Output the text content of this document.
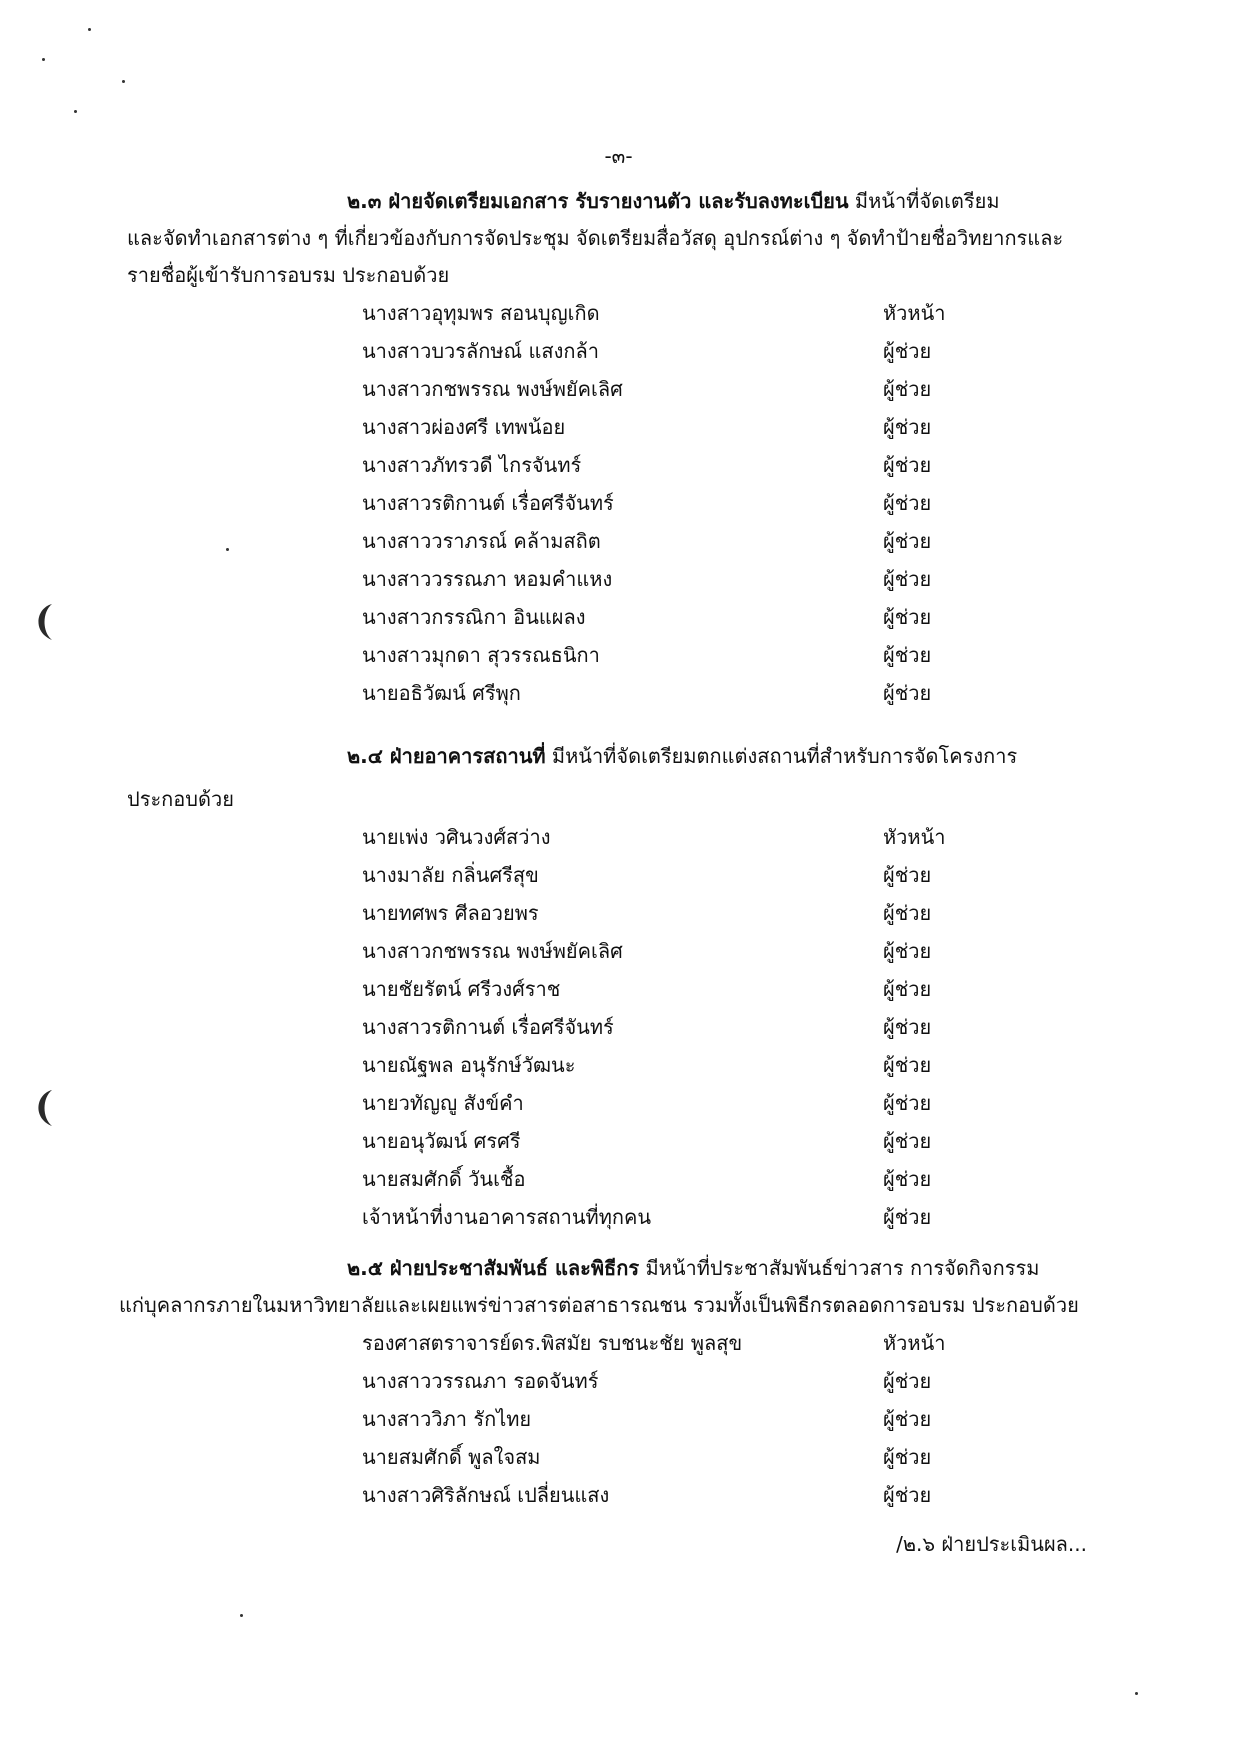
-๓-
๒.๓ ฝ่ายจัดเตรียมเอกสาร รับรายงานตัว และรับลงทะเบียน มีหน้าที่จัดเตรียม
และจัดทำเอกสารต่าง ๆ ที่เกี่ยวข้องกับการจัดประชุม จัดเตรียมสื่อวัสดุ อุปกรณ์ต่าง ๆ จัดทำป้ายชื่อวิทยากรและ
รายชื่อผู้เข้ารับการอบรม ประกอบด้วย
นางสาวอุทุมพร สอนบุญเกิด	หัวหน้า
นางสาวบวรลักษณ์ แสงกล้า	ผู้ช่วย
นางสาวกชพรรณ พงษ์พยัคเลิศ	ผู้ช่วย
นางสาวผ่องศรี เทพน้อย	ผู้ช่วย
นางสาวภัทรวดี ไกรจันทร์	ผู้ช่วย
นางสาวรติกานต์ เรื่อศรีจันทร์	ผู้ช่วย
นางสาววราภรณ์ คล้ามสถิต	ผู้ช่วย
นางสาววรรณภา หอมคำแหง	ผู้ช่วย
นางสาวกรรณิกา อินแผลง	ผู้ช่วย
นางสาวมุกดา สุวรรณธนิกา	ผู้ช่วย
นายอธิวัฒน์ ศรีพุก	ผู้ช่วย
๒.๔ ฝ่ายอาคารสถานที่ มีหน้าที่จัดเตรียมตกแต่งสถานที่สำหรับการจัดโครงการ
ประกอบด้วย
นายเพ่ง วศินวงศ์สว่าง	หัวหน้า
นางมาลัย กลิ่นศรีสุข	ผู้ช่วย
นายทศพร ศีลอวยพร	ผู้ช่วย
นางสาวกชพรรณ พงษ์พยัคเลิศ	ผู้ช่วย
นายชัยรัตน์ ศรีวงศ์ราช	ผู้ช่วย
นางสาวรติกานต์ เรื่อศรีจันทร์	ผู้ช่วย
นายณัฐพล อนุรักษ์วัฒนะ	ผู้ช่วย
นายวทัญญู สังข์คำ	ผู้ช่วย
นายอนุวัฒน์ ศรศรี	ผู้ช่วย
นายสมศักดิ์ วันเชื้อ	ผู้ช่วย
เจ้าหน้าที่งานอาคารสถานที่ทุกคน	ผู้ช่วย
๒.๕ ฝ่ายประชาสัมพันธ์ และพิธีกร มีหน้าที่ประชาสัมพันธ์ข่าวสาร การจัดกิจกรรม
แก่บุคลากรภายในมหาวิทยาลัยและเผยแพร่ข่าวสารต่อสาธารณชน รวมทั้งเป็นพิธีกรตลอดการอบรม ประกอบด้วย
รองศาสตราจารย์ดร.พิสมัย รบชนะชัย พูลสุข	หัวหน้า
นางสาววรรณภา รอดจันทร์	ผู้ช่วย
นางสาววิภา รักไทย	ผู้ช่วย
นายสมศักดิ์ พูลใจสม	ผู้ช่วย
นางสาวศิริลักษณ์ เปลี่ยนแสง	ผู้ช่วย
/๒.๖ ฝ่ายประเมินผล...
